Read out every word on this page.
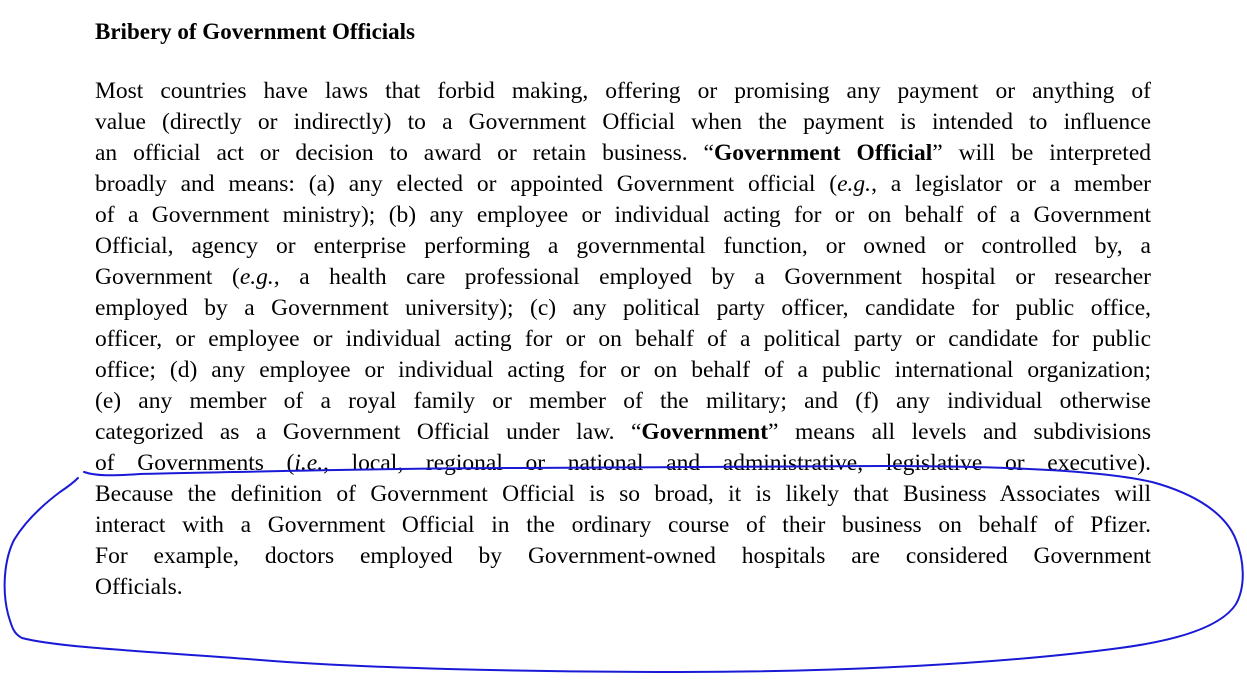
Bribery of Government Officials
Most countries have laws that forbid making, offering or promising any payment or anything of
value (directly or indirectly) to a Government Official when the payment is intended to influence
an official act or decision to award or retain business. “Government Official” will be interpreted
broadly and means: (a) any elected or appointed Government official (e.g., a legislator or a member
of a Government ministry); (b) any employee or individual acting for or on behalf of a Government
Official, agency or enterprise performing a governmental function, or owned or controlled by, a
Government (e.g., a health care professional employed by a Government hospital or researcher
employed by a Government university); (c) any political party officer, candidate for public office,
officer, or employee or individual acting for or on behalf of a political party or candidate for public
office; (d) any employee or individual acting for or on behalf of a public international organization;
(e) any member of a royal family or member of the military; and (f) any individual otherwise
categorized as a Government Official under law. “Government” means all levels and subdivisions
of Governments (i.e., local, regional or national and administrative, legislative or executive).
Because the definition of Government Official is so broad, it is likely that Business Associates will
interact with a Government Official in the ordinary course of their business on behalf of Pfizer.
For example, doctors employed by Government-owned hospitals are considered Government
Officials.
